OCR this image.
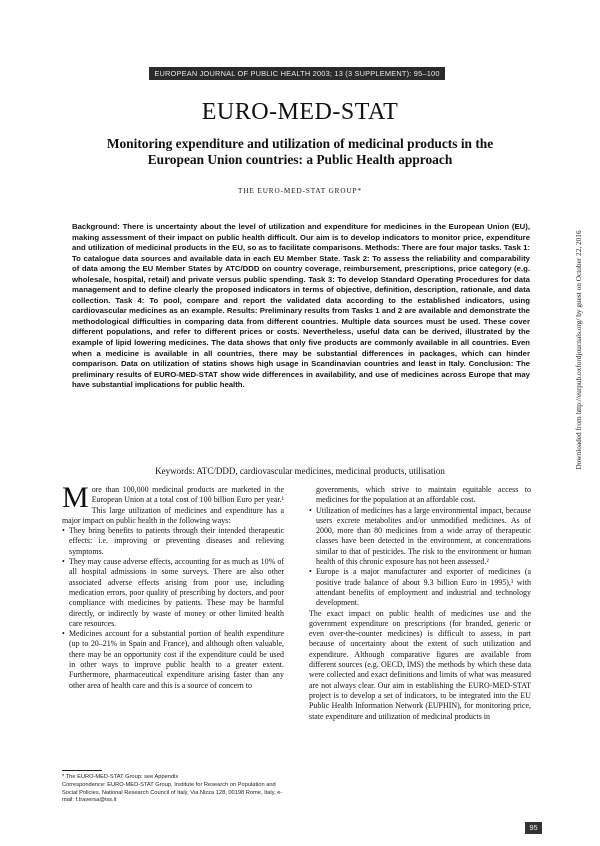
EUROPEAN JOURNAL OF PUBLIC HEALTH 2003; 13 (3 SUPPLEMENT): 95–100
EURO-MED-STAT
Monitoring expenditure and utilization of medicinal products in the European Union countries: a Public Health approach
THE EURO-MED-STAT GROUP*

Background: There is uncertainty about the level of utilization and expenditure for medicines in the European Union (EU), making assessment of their impact on public health difficult. Our aim is to develop indicators to monitor price, expenditure and utilization of medicinal products in the EU, so as to facilitate comparisons. Methods: There are four major tasks. Task 1: To catalogue data sources and available data in each EU Member State. Task 2: To assess the reliability and comparability of data among the EU Member States by ATC/DDD on country coverage, reimbursement, prescriptions, price category (e.g. wholesale, hospital, retail) and private versus public spending. Task 3: To develop Standard Operating Procedures for data management and to define clearly the proposed indicators in terms of objective, definition, description, rationale, and data collection. Task 4: To pool, compare and report the validated data according to the established indicators, using cardiovascular medicines as an example. Results: Preliminary results from Tasks 1 and 2 are available and demonstrate the methodological difficulties in comparing data from different countries. Multiple data sources must be used. These cover different populations, and refer to different prices or costs. Nevertheless, useful data can be derived, illustrated by the example of lipid lowering medicines. The data shows that only five products are commonly available in all countries. Even when a medicine is available in all countries, there may be substantial differences in packages, which can hinder comparison. Data on utilization of statins shows high usage in Scandinavian countries and least in Italy. Conclusion: The preliminary results of EURO-MED-STAT show wide differences in availability, and use of medicines across Europe that may have substantial implications for public health.

Keywords: ATC/DDD, cardiovascular medicines, medicinal products, utilisation

More than 100,000 medicinal products are marketed in the European Union at a total cost of 100 billion Euro per year.¹ This large utilization of medicines and expenditure has a major impact on public health in the following ways:

• They bring benefits to patients through their intended therapeutic effects: i.e. improving or preventing diseases and relieving symptoms.
• They may cause adverse effects, accounting for as much as 10% of all hospital admissions in some surveys. There are also other associated adverse effects arising from poor use, including medication errors, poor quality of prescribing by doctors, and poor compliance with medicines by patients. These may be harmful directly, or indirectly by waste of money or other limited health care resources.
• Medicines account for a substantial portion of health expenditure (up to 20–21% in Spain and France), and although often valuable, there may be an opportunity cost if the expenditure could be used in other ways to improve public health to a greater extent. Furthermore, pharmaceutical expenditure arising faster than any other area of health care and this is a source of concern to

governments, which strive to maintain equitable access to medicines for the population at an affordable cost.

• Utilization of medicines has a large environmental impact, because users excrete metabolites and/or unmodified medicines. As of 2000, more than 80 medicines from a wide array of therapeutic classes have been detected in the environment, at concentrations similar to that of pesticides. The risk to the environment or human health of this chronic exposure has not been assessed.²
• Europe is a major manufacturer and exporter of medicines (a positive trade balance of about 9.3 billion Euro in 1995),³ with attendant benefits of employment and industrial and technology development.

The exact impact on public health of medicines use and the government expenditure on prescriptions (for branded, generic or even over-the-counter medicines) is difficult to assess, in part because of uncertainty about the extent of such utilization and expenditure. Although comparative figures are available from different sources (e.g. OECD, IMS) the methods by which these data were collected and exact definitions and limits of what was measured are not always clear. Our aim in establishing the EURO-MED-STAT project is to develop a set of indicators, to be integrated into the EU Public Health Information Network (EUPHIN), for monitoring price, state expenditure and utilization of medicinal products in

* The EURO-MED-STAT Group: see Appendix

Correspondence: EURO-MED-STAT Group, Institute for Research on Population and Social Policies, National Research Council of Italy, Via Nizza 128, 00198 Rome, Italy, e-mail: f.traversa@iss.it

95
Downloaded from http://eurpub.oxfordjournals.org/ by guest on October 22, 2016
